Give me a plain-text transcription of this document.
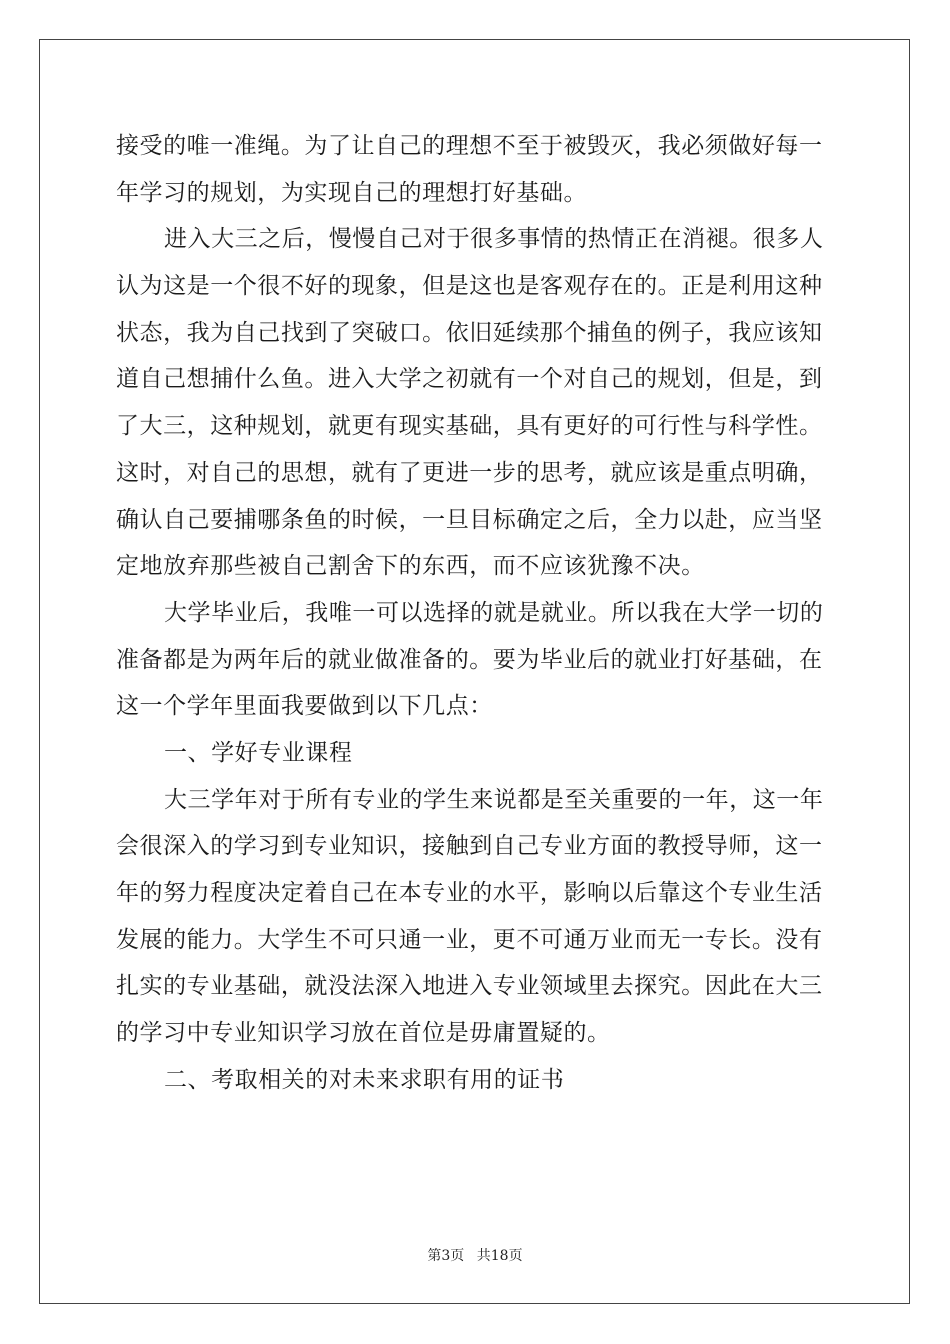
接受的唯一准绳。为了让自己的理想不至于被毁灭，我必须做好每一
年学习的规划，为实现自己的理想打好基础。
进入大三之后，慢慢自己对于很多事情的热情正在消褪。很多人
认为这是一个很不好的现象，但是这也是客观存在的。正是利用这种
状态，我为自己找到了突破口。依旧延续那个捕鱼的例子，我应该知
道自己想捕什么鱼。进入大学之初就有一个对自己的规划，但是，到
了大三，这种规划，就更有现实基础，具有更好的可行性与科学性。
这时，对自己的思想，就有了更进一步的思考，就应该是重点明确，
确认自己要捕哪条鱼的时候，一旦目标确定之后，全力以赴，应当坚
定地放弃那些被自己割舍下的东西，而不应该犹豫不决。
大学毕业后，我唯一可以选择的就是就业。所以我在大学一切的
准备都是为两年后的就业做准备的。要为毕业后的就业打好基础，在
这一个学年里面我要做到以下几点：
一、学好专业课程
大三学年对于所有专业的学生来说都是至关重要的一年，这一年
会很深入的学习到专业知识，接触到自己专业方面的教授导师，这一
年的努力程度决定着自己在本专业的水平，影响以后靠这个专业生活
发展的能力。大学生不可只通一业，更不可通万业而无一专长。没有
扎实的专业基础，就没法深入地进入专业领域里去探究。因此在大三
的学习中专业知识学习放在首位是毋庸置疑的。
二、考取相关的对未来求职有用的证书
第3页 共18页
